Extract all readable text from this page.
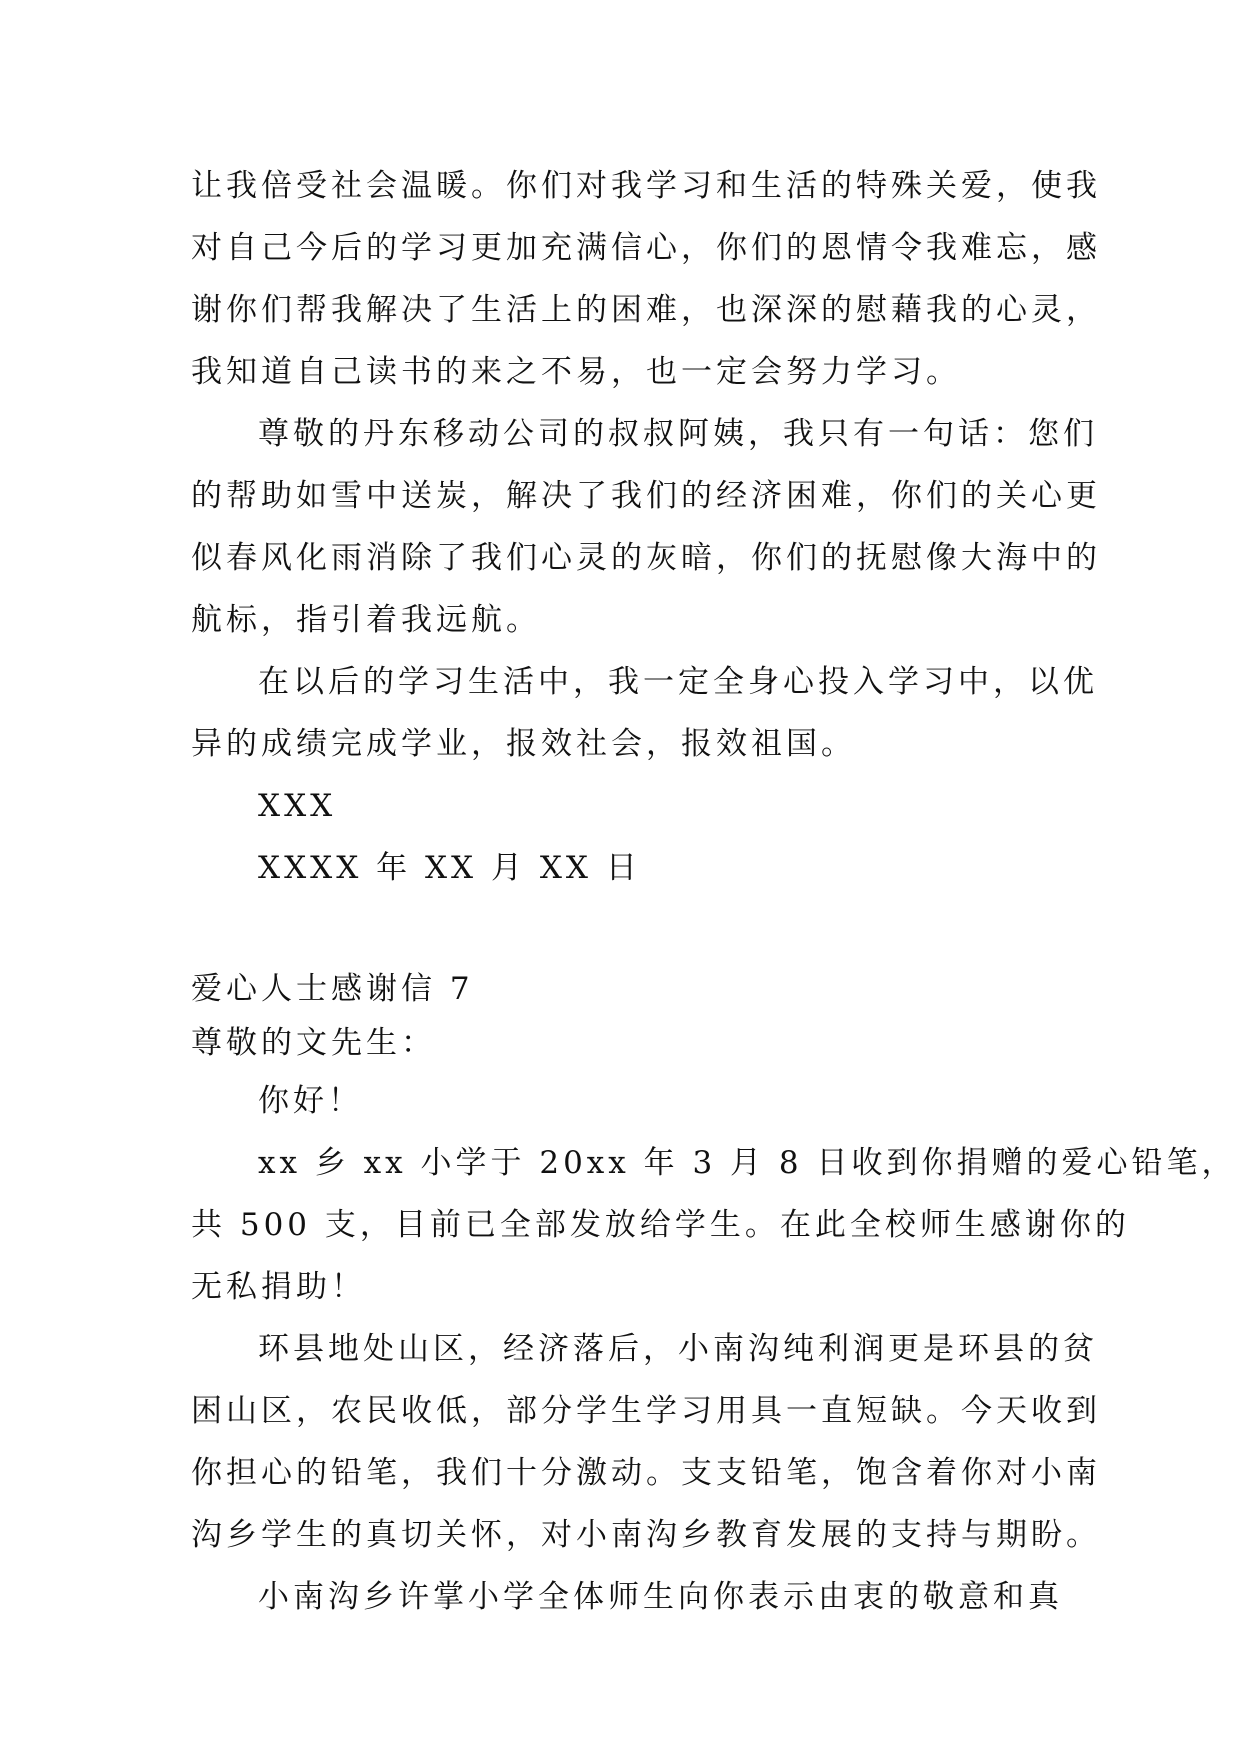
让我倍受社会温暖。你们对我学习和生活的特殊关爱，使我
对自己今后的学习更加充满信心，你们的恩情令我难忘，感
谢你们帮我解决了生活上的困难，也深深的慰藉我的心灵，
我知道自己读书的来之不易，也一定会努力学习。
尊敬的丹东移动公司的叔叔阿姨，我只有一句话：您们
的帮助如雪中送炭，解决了我们的经济困难，你们的关心更
似春风化雨消除了我们心灵的灰暗，你们的抚慰像大海中的
航标，指引着我远航。
在以后的学习生活中，我一定全身心投入学习中，以优
异的成绩完成学业，报效社会，报效祖国。
XXX
XXXX 年 XX 月 XX 日
爱心人士感谢信 7
尊敬的文先生：
你好！
xx 乡 xx 小学于 20xx 年 3 月 8 日收到你捐赠的爱心铅笔，
共 500 支，目前已全部发放给学生。在此全校师生感谢你的
无私捐助！
环县地处山区，经济落后，小南沟纯利润更是环县的贫
困山区，农民收低，部分学生学习用具一直短缺。今天收到
你担心的铅笔，我们十分激动。支支铅笔，饱含着你对小南
沟乡学生的真切关怀，对小南沟乡教育发展的支持与期盼。
小南沟乡许掌小学全体师生向你表示由衷的敬意和真
